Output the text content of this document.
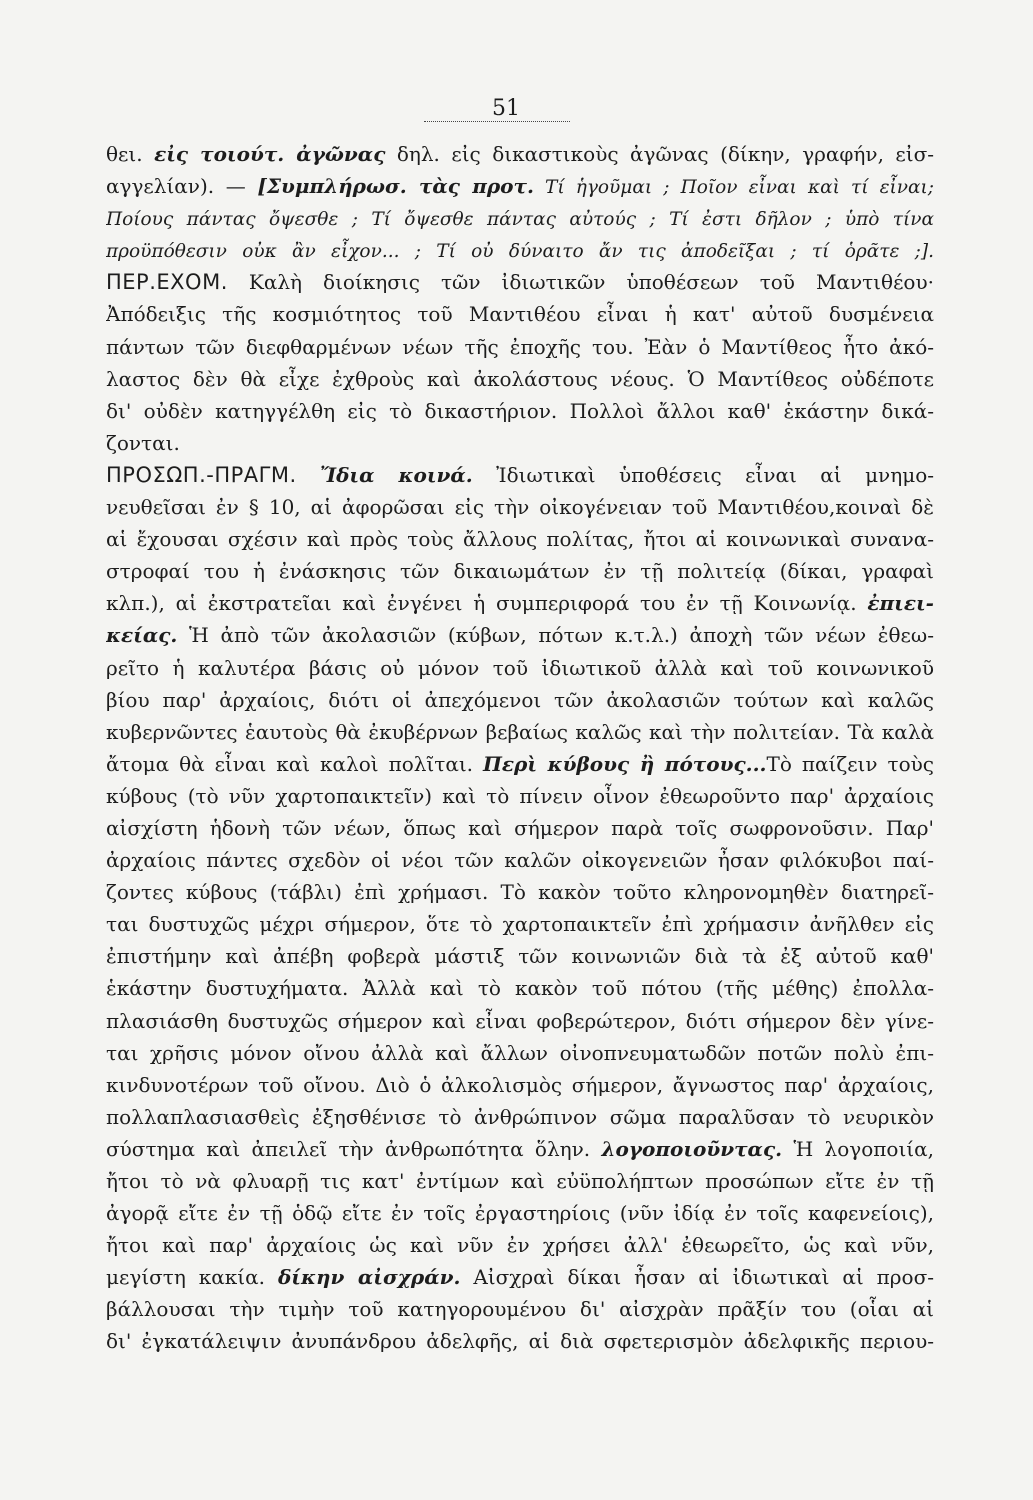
51
θει. εἰς τοιούτ. ἀγῶνας δηλ. εἰς δικαστικοὺς ἀγῶνας (δίκην, γραφήν, εἰσ-
αγγελίαν). — [Συμπλήρωσ. τὰς προτ. Τί ἡγοῦμαι ; Ποῖον εἶναι καὶ τί εἶναι;
Ποίους πάντας ὄψεσθε ; Τί ὄψεσθε πάντας αὐτούς ; Τί ἐστι δῆλον ; ὑπὸ τίνα
προϋπόθεσιν οὐκ ἂν εἶχον... ; Τί οὐ δύναιτο ἄν τις ἀποδεῖξαι ; τί ὁρᾶτε ;].
ΠΕΡ.ΕΧΟΜ. Καλὴ διοίκησις τῶν ἰδιωτικῶν ὑποθέσεων τοῦ Μαντιθέου·
Ἀπόδειξις τῆς κοσμιότητος τοῦ Μαντιθέου εἶναι ἡ κατ' αὐτοῦ δυσμένεια
πάντων τῶν διεφθαρμένων νέων τῆς ἐποχῆς του. Ἐὰν ὁ Μαντίθεος ἦτο ἀκό-
λαστος δὲν θὰ εἶχε ἐχθροὺς καὶ ἀκολάστους νέους. Ὁ Μαντίθεος οὐδέποτε
δι' οὐδὲν κατηγγέλθη εἰς τὸ δικαστήριον. Πολλοὶ ἄλλοι καθ' ἑκάστην δικά-
ζονται.
ΠΡΟΣΩΠ.-ΠΡΑΓΜ. Ἴδια κοινά. Ἰδιωτικαὶ ὑποθέσεις εἶναι αἱ μνημο-
νευθεῖσαι ἐν § 10, αἱ ἀφορῶσαι εἰς τὴν οἰκογένειαν τοῦ Μαντιθέου,κοιναὶ δὲ
αἱ ἔχουσαι σχέσιν καὶ πρὸς τοὺς ἄλλους πολίτας, ἤτοι αἱ κοινωνικαὶ συνανα-
στροφαί του ἡ ἐνάσκησις τῶν δικαιωμάτων ἐν τῇ πολιτείᾳ (δίκαι, γραφαὶ
κλπ.), αἱ ἐκστρατεῖαι καὶ ἐνγένει ἡ συμπεριφορά του ἐν τῇ Κοινωνίᾳ. ἐπιει-
κείας. Ἡ ἀπὸ τῶν ἀκολασιῶν (κύβων, πότων κ.τ.λ.) ἀποχὴ τῶν νέων ἐθεω-
ρεῖτο ἡ καλυτέρα βάσις οὐ μόνον τοῦ ἰδιωτικοῦ ἀλλὰ καὶ τοῦ κοινωνικοῦ
βίου παρ' ἀρχαίοις, διότι οἱ ἀπεχόμενοι τῶν ἀκολασιῶν τούτων καὶ καλῶς
κυβερνῶντες ἑαυτοὺς θὰ ἐκυβέρνων βεβαίως καλῶς καὶ τὴν πολιτείαν. Τὰ καλὰ
ἄτομα θὰ εἶναι καὶ καλοὶ πολῖται. Περὶ κύβους ἢ πότους...Τὸ παίζειν τοὺς
κύβους (τὸ νῦν χαρτοπαικτεῖν) καὶ τὸ πίνειν οἶνον ἐθεωροῦντο παρ' ἀρχαίοις
αἰσχίστη ἡδονὴ τῶν νέων, ὅπως καὶ σήμερον παρὰ τοῖς σωφρονοῦσιν. Παρ'
ἀρχαίοις πάντες σχεδὸν οἱ νέοι τῶν καλῶν οἰκογενειῶν ἦσαν φιλόκυβοι παί-
ζοντες κύβους (τάβλι) ἐπὶ χρήμασι. Τὸ κακὸν τοῦτο κληρονομηθὲν διατηρεῖ-
ται δυστυχῶς μέχρι σήμερον, ὅτε τὸ χαρτοπαικτεῖν ἐπὶ χρήμασιν ἀνῆλθεν εἰς
ἐπιστήμην καὶ ἀπέβη φοβερὰ μάστιξ τῶν κοινωνιῶν διὰ τὰ ἐξ αὐτοῦ καθ'
ἑκάστην δυστυχήματα. Ἀλλὰ καὶ τὸ κακὸν τοῦ πότου (τῆς μέθης) ἐπολλα-
πλασιάσθη δυστυχῶς σήμερον καὶ εἶναι φοβερώτερον, διότι σήμερον δὲν γίνε-
ται χρῆσις μόνον οἴνου ἀλλὰ καὶ ἄλλων οἰνοπνευματωδῶν ποτῶν πολὺ ἐπι-
κινδυνοτέρων τοῦ οἴνου. Διὸ ὁ ἀλκολισμὸς σήμερον, ἄγνωστος παρ' ἀρχαίοις,
πολλαπλασιασθεὶς ἐξησθένισε τὸ ἀνθρώπινον σῶμα παραλῦσαν τὸ νευρικὸν
σύστημα καὶ ἀπειλεῖ τὴν ἀνθρωπότητα ὅλην. λογοποιοῦντας. Ἡ λογοποιία,
ἤτοι τὸ νὰ φλυαρῇ τις κατ' ἐντίμων καὶ εὐϋπολήπτων προσώπων εἴτε ἐν τῇ
ἀγορᾷ εἴτε ἐν τῇ ὁδῷ εἴτε ἐν τοῖς ἐργαστηρίοις (νῦν ἰδίᾳ ἐν τοῖς καφενείοις),
ἤτοι καὶ παρ' ἀρχαίοις ὡς καὶ νῦν ἐν χρήσει ἀλλ' ἐθεωρεῖτο, ὡς καὶ νῦν,
μεγίστη κακία. δίκην αἰσχράν. Αἰσχραὶ δίκαι ἦσαν αἱ ἰδιωτικαὶ αἱ προσ-
βάλλουσαι τὴν τιμὴν τοῦ κατηγορουμένου δι' αἰσχρὰν πρᾶξίν του (οἷαι αἱ
δι' ἐγκατάλειψιν ἀνυπάνδρου ἀδελφῆς, αἱ διὰ σφετερισμὸν ἀδελφικῆς περιου-
